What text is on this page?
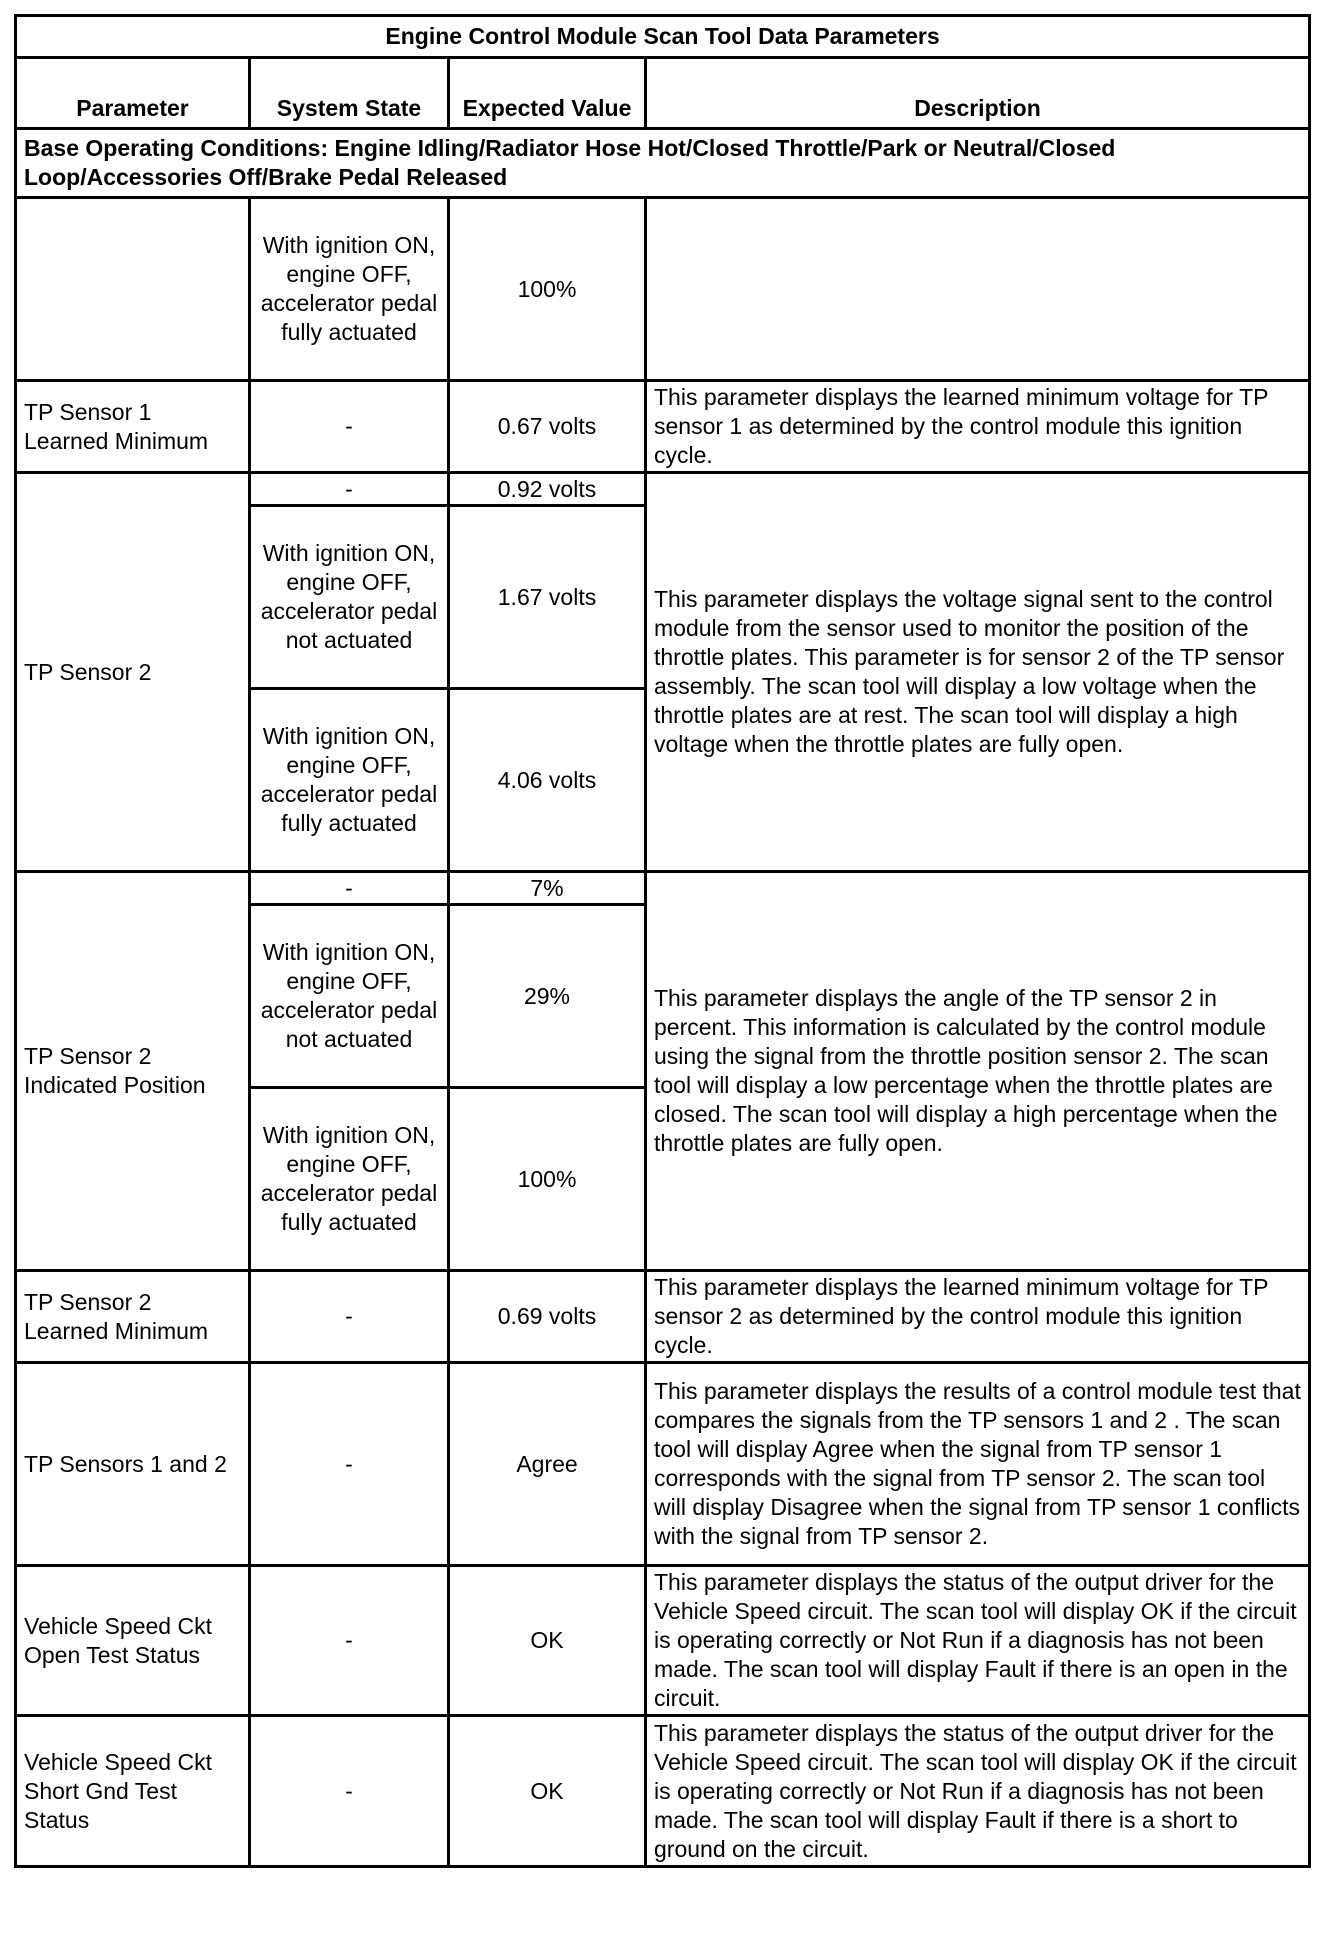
Engine Control Module Scan Tool Data Parameters			
Parameter	System State	Expected Value	Description
Base Operating Conditions: Engine Idling/Radiator Hose Hot/Closed Throttle/Park or Neutral/Closed Loop/Accessories Off/Brake Pedal Released			
	With ignition ON, engine OFF, accelerator pedal fully actuated	100%	
TP Sensor 1 Learned Minimum	-	0.67 volts	This parameter displays the learned minimum voltage for TP sensor 1 as determined by the control module this ignition cycle.
TP Sensor 2	-	0.92 volts	This parameter displays the voltage signal sent to the control module from the sensor used to monitor the position of the throttle plates. This parameter is for sensor 2 of the TP sensor assembly. The scan tool will display a low voltage when the throttle plates are at rest. The scan tool will display a high voltage when the throttle plates are fully open.
	With ignition ON, engine OFF, accelerator pedal not actuated	1.67 volts	
	With ignition ON, engine OFF, accelerator pedal fully actuated	4.06 volts	
TP Sensor 2 Indicated Position	-	7%	This parameter displays the angle of the TP sensor 2 in percent. This information is calculated by the control module using the signal from the throttle position sensor 2. The scan tool will display a low percentage when the throttle plates are closed. The scan tool will display a high percentage when the throttle plates are fully open.
	With ignition ON, engine OFF, accelerator pedal not actuated	29%	
	With ignition ON, engine OFF, accelerator pedal fully actuated	100%	
TP Sensor 2 Learned Minimum	-	0.69 volts	This parameter displays the learned minimum voltage for TP sensor 2 as determined by the control module this ignition cycle.
TP Sensors 1 and 2	-	Agree	This parameter displays the results of a control module test that compares the signals from the TP sensors 1 and 2 . The scan tool will display Agree when the signal from TP sensor 1 corresponds with the signal from TP sensor 2. The scan tool will display Disagree when the signal from TP sensor 1 conflicts with the signal from TP sensor 2.
Vehicle Speed Ckt Open Test Status	-	OK	This parameter displays the status of the output driver for the Vehicle Speed circuit. The scan tool will display OK if the circuit is operating correctly or Not Run if a diagnosis has not been made. The scan tool will display Fault if there is an open in the circuit.
Vehicle Speed Ckt Short Gnd Test Status	-	OK	This parameter displays the status of the output driver for the Vehicle Speed circuit. The scan tool will display OK if the circuit is operating correctly or Not Run if a diagnosis has not been made. The scan tool will display Fault if there is a short to ground on the circuit.
